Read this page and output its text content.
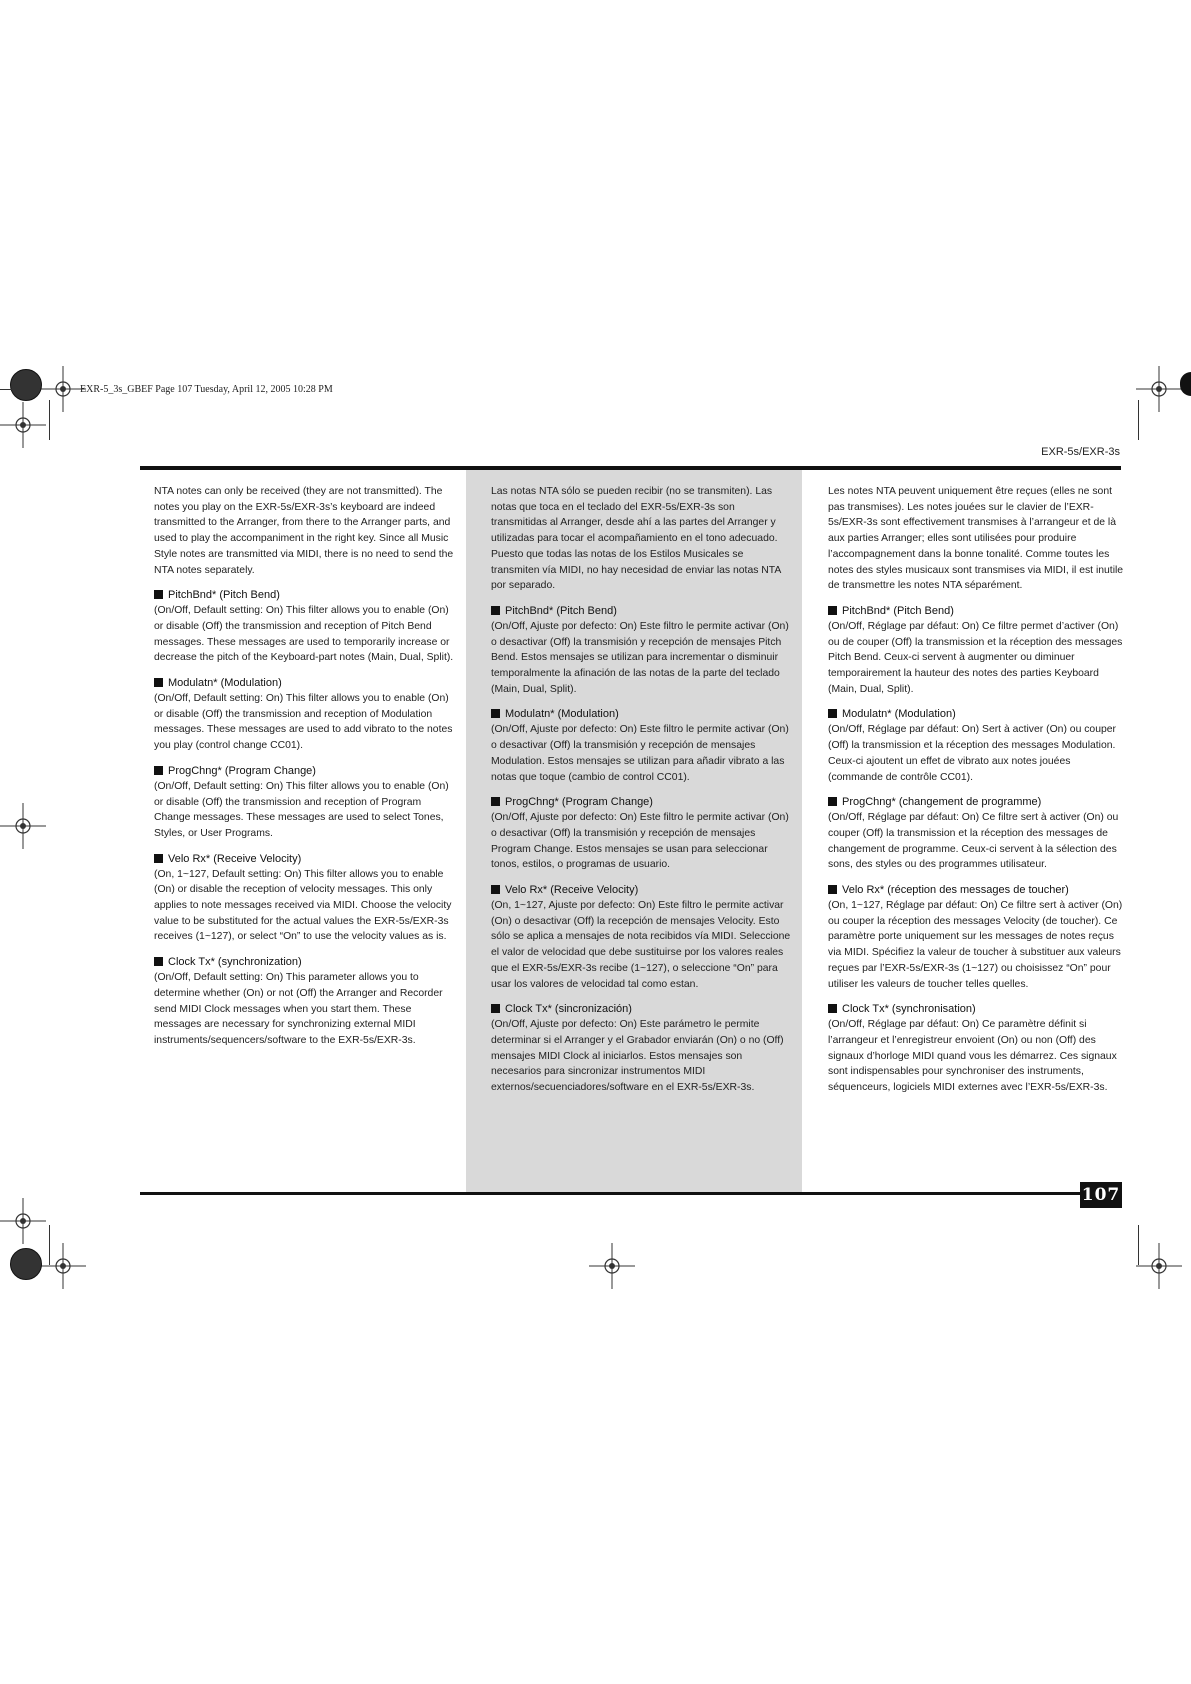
EXR-5_3s_GBEF Page 107 Tuesday, April 12, 2005 10:28 PM
EXR-5s/EXR-3s
107

NTA notes can only be received (they are not transmitted). The notes you play on the EXR-5s/EXR-3s’s keyboard are indeed transmitted to the Arranger, from there to the Arranger parts, and used to play the accompaniment in the right key. Since all Music Style notes are transmitted via MIDI, there is no need to send the NTA notes separately.

PitchBnd* (Pitch Bend)

(On/Off, Default setting: On) This filter allows you to enable (On) or disable (Off) the transmission and reception of Pitch Bend messages. These messages are used to temporarily increase or decrease the pitch of the Keyboard-part notes (Main, Dual, Split).

Modulatn* (Modulation)

(On/Off, Default setting: On) This filter allows you to enable (On) or disable (Off) the transmission and reception of Modulation messages. These messages are used to add vibrato to the notes you play (control change CC01).

ProgChng* (Program Change)

(On/Off, Default setting: On) This filter allows you to enable (On) or disable (Off) the transmission and reception of Program Change messages. These messages are used to select Tones, Styles, or User Programs.

Velo Rx* (Receive Velocity)

(On, 1~127, Default setting: On) This filter allows you to enable (On) or disable the reception of velocity messages. This only applies to note messages received via MIDI. Choose the velocity value to be substituted for the actual values the EXR-5s/EXR-3s receives (1~127), or select “On” to use the velocity values as is.

Clock Tx* (synchronization)

(On/Off, Default setting: On) This parameter allows you to determine whether (On) or not (Off) the Arranger and Recorder send MIDI Clock messages when you start them. These messages are necessary for synchronizing external MIDI instruments/sequencers/software to the EXR-5s/EXR-3s.

Las notas NTA sólo se pueden recibir (no se transmiten). Las notas que toca en el teclado del EXR-5s/EXR-3s son transmitidas al Arranger, desde ahí a las partes del Arranger y utilizadas para tocar el acompañamiento en el tono adecuado. Puesto que todas las notas de los Estilos Musicales se transmiten vía MIDI, no hay necesidad de enviar las notas NTA por separado.

PitchBnd* (Pitch Bend)

(On/Off, Ajuste por defecto: On) Este filtro le permite activar (On) o desactivar (Off) la transmisión y recepción de mensajes Pitch Bend. Estos mensajes se utilizan para incrementar o disminuir temporalmente la afinación de las notas de la parte del teclado (Main, Dual, Split).

Modulatn* (Modulation)

(On/Off, Ajuste por defecto: On) Este filtro le permite activar (On) o desactivar (Off) la transmisión y recepción de mensajes Modulation. Estos mensajes se utilizan para añadir vibrato a las notas que toque (cambio de control CC01).

ProgChng* (Program Change)

(On/Off, Ajuste por defecto: On) Este filtro le permite activar (On) o desactivar (Off) la transmisión y recepción de mensajes Program Change. Estos mensajes se usan para seleccionar tonos, estilos, o programas de usuario.

Velo Rx* (Receive Velocity)

(On, 1~127, Ajuste por defecto: On) Este filtro le permite activar (On) o desactivar (Off) la recepción de mensajes Velocity. Esto sólo se aplica a mensajes de nota recibidos vía MIDI. Seleccione el valor de velocidad que debe sustituirse por los valores reales que el EXR-5s/EXR-3s recibe (1~127), o seleccione “On” para usar los valores de velocidad tal como estan.

Clock Tx* (sincronización)

(On/Off, Ajuste por defecto: On) Este parámetro le permite determinar si el Arranger y el Grabador enviarán (On) o no (Off) mensajes MIDI Clock al iniciarlos. Estos mensajes son necesarios para sincronizar instrumentos MIDI externos/secuenciadores/software en el EXR-5s/EXR-3s.

Les notes NTA peuvent uniquement être reçues (elles ne sont pas transmises). Les notes jouées sur le clavier de l’EXR-5s/EXR-3s sont effectivement transmises à l’arrangeur et de là aux parties Arranger; elles sont utilisées pour produire l’accompagnement dans la bonne tonalité. Comme toutes les notes des styles musicaux sont transmises via MIDI, il est inutile de transmettre les notes NTA séparément.

PitchBnd* (Pitch Bend)

(On/Off, Réglage par défaut: On) Ce filtre permet d’activer (On) ou de couper (Off) la transmission et la réception des messages Pitch Bend. Ceux-ci servent à augmenter ou diminuer temporairement la hauteur des notes des parties Keyboard (Main, Dual, Split).

Modulatn* (Modulation)

(On/Off, Réglage par défaut: On) Sert à activer (On) ou couper (Off) la transmission et la réception des messages Modulation. Ceux-ci ajoutent un effet de vibrato aux notes jouées (commande de contrôle CC01).

ProgChng* (changement de programme)

(On/Off, Réglage par défaut: On) Ce filtre sert à activer (On) ou couper (Off) la transmission et la réception des messages de changement de programme. Ceux-ci servent à la sélection des sons, des styles ou des programmes utilisateur.

Velo Rx* (réception des messages de toucher)

(On, 1~127, Réglage par défaut: On) Ce filtre sert à activer (On) ou couper la réception des messages Velocity (de toucher). Ce paramètre porte uniquement sur les messages de notes reçus via MIDI. Spécifiez la valeur de toucher à substituer aux valeurs reçues par l’EXR-5s/EXR-3s (1~127) ou choisissez “On” pour utiliser les valeurs de toucher telles quelles.

Clock Tx* (synchronisation)

(On/Off, Réglage par défaut: On) Ce paramètre définit si l’arrangeur et l’enregistreur envoient (On) ou non (Off) des signaux d’horloge MIDI quand vous les démarrez. Ces signaux sont indispensables pour synchroniser des instruments, séquenceurs, logiciels MIDI externes avec l’EXR-5s/EXR-3s.
